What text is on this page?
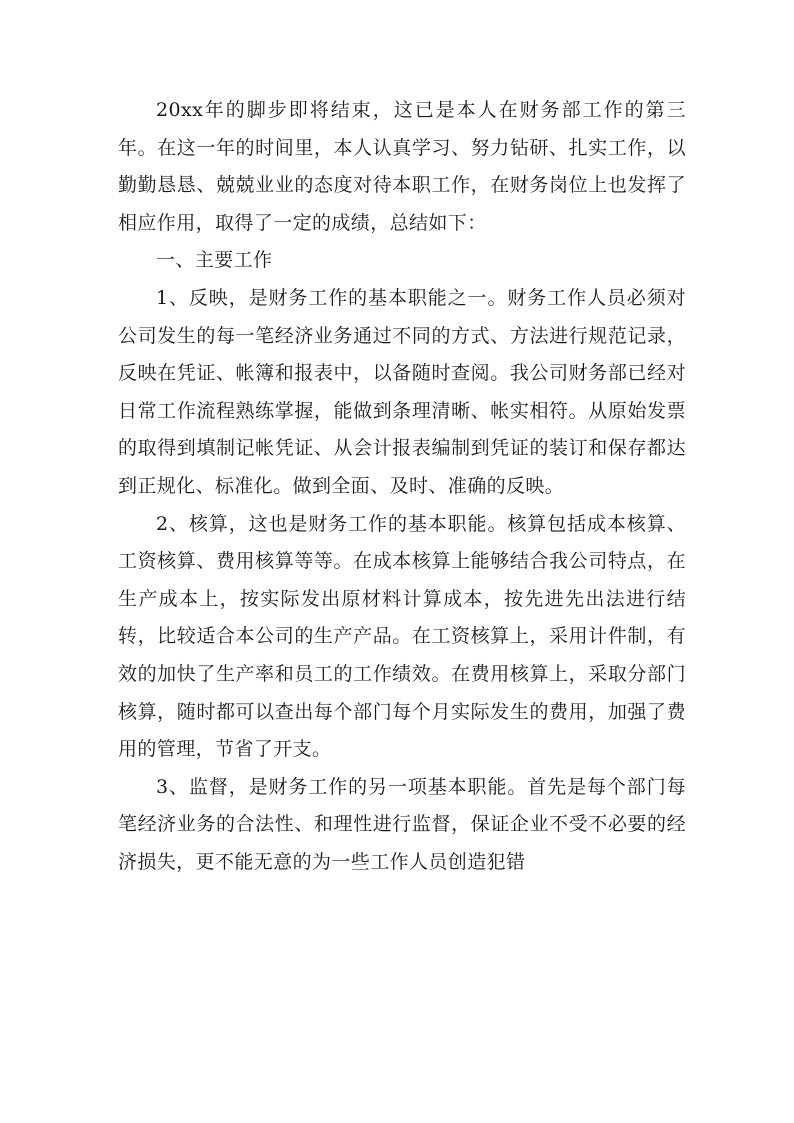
20xx年的脚步即将结束，这已是本人在财务部工作的第三年。在这一年的时间里，本人认真学习、努力钻研、扎实工作，以勤勤恳恳、兢兢业业的态度对待本职工作，在财务岗位上也发挥了相应作用，取得了一定的成绩，总结如下：

一、主要工作

1、反映，是财务工作的基本职能之一。财务工作人员必须对公司发生的每一笔经济业务通过不同的方式、方法进行规范记录，反映在凭证、帐簿和报表中，以备随时查阅。我公司财务部已经对日常工作流程熟练掌握，能做到条理清晰、帐实相符。从原始发票的取得到填制记帐凭证、从会计报表编制到凭证的装订和保存都达到正规化、标准化。做到全面、及时、准确的反映。

2、核算，这也是财务工作的基本职能。核算包括成本核算、工资核算、费用核算等等。在成本核算上能够结合我公司特点，在生产成本上，按实际发出原材料计算成本，按先进先出法进行结转，比较适合本公司的生产产品。在工资核算上，采用计件制，有效的加快了生产率和员工的工作绩效。在费用核算上，采取分部门核算，随时都可以查出每个部门每个月实际发生的费用，加强了费用的管理，节省了开支。

3、监督，是财务工作的另一项基本职能。首先是每个部门每笔经济业务的合法性、和理性进行监督，保证企业不受不必要的经济损失，更不能无意的为一些工作人员创造犯错
